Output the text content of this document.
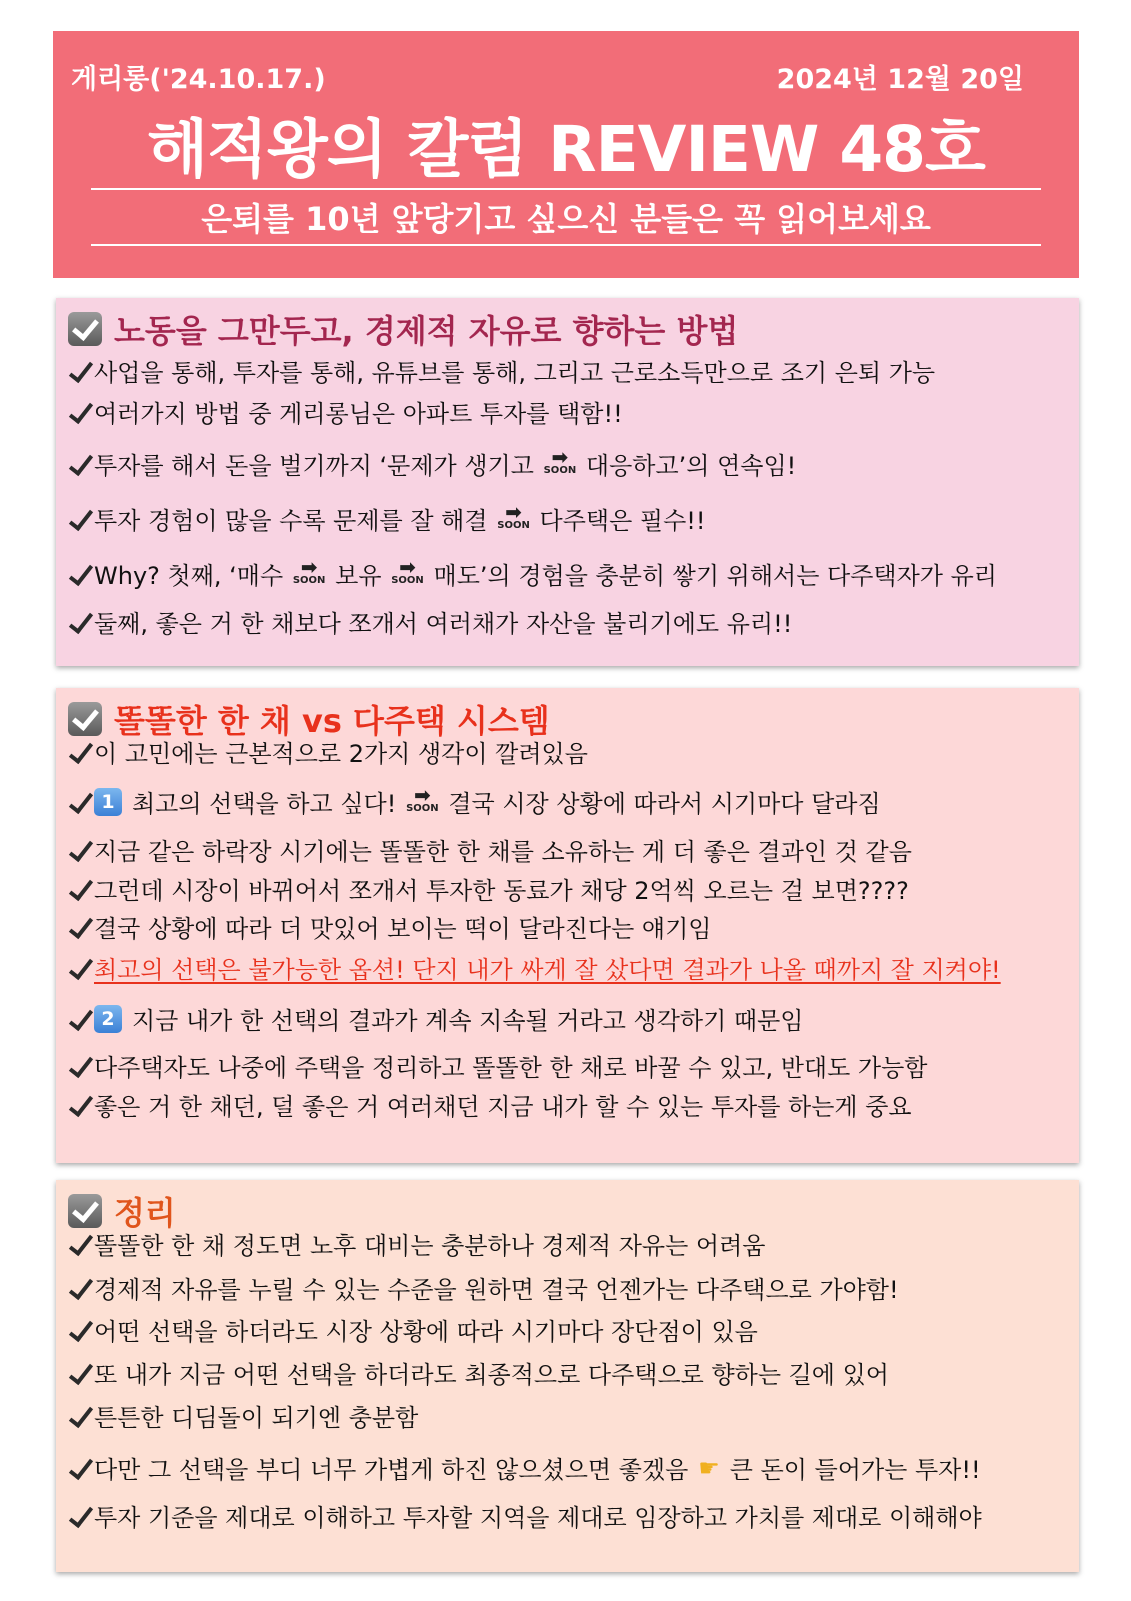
게리롱('24.10.17.)	2024년 12월 20일
해적왕의 칼럼 REVIEW 48호
은퇴를 10년 앞당기고 싶으신 분들은 꼭 읽어보세요
노동을 그만두고, 경제적 자유로 향하는 방법
사업을 통해, 투자를 통해, 유튜브를 통해, 그리고 근로소득만으로 조기 은퇴 가능
여러가지 방법 중 게리롱님은 아파트 투자를 택함!!
투자를 해서 돈을 벌기까지 ‘문제가 생기고 ➡
SOON 대응하고’의 연속임!
투자 경험이 많을 수록 문제를 잘 해결 ➡
SOON 다주택은 필수!!
Why? 첫째, ‘매수 ➡
SOON 보유 ➡
SOON 매도’의 경험을 충분히 쌓기 위해서는 다주택자가 유리
둘째, 좋은 거 한 채보다 쪼개서 여러채가 자산을 불리기에도 유리!!
똘똘한 한 채 vs 다주택 시스템
이 고민에는 근본적으로 2가지 생각이 깔려있음
1 최고의 선택을 하고 싶다! ➡
SOON 결국 시장 상황에 따라서 시기마다 달라짐
지금 같은 하락장 시기에는 똘똘한 한 채를 소유하는 게 더 좋은 결과인 것 같음
그런데 시장이 바뀌어서 쪼개서 투자한 동료가 채당 2억씩 오르는 걸 보면????
결국 상황에 따라 더 맛있어 보이는 떡이 달라진다는 얘기임
최고의 선택은 불가능한 옵션! 단지 내가 싸게 잘 샀다면 결과가 나올 때까지 잘 지켜야!
2 지금 내가 한 선택의 결과가 계속 지속될 거라고 생각하기 때문임
다주택자도 나중에 주택을 정리하고 똘똘한 한 채로 바꿀 수 있고, 반대도 가능함
좋은 거 한 채던, 덜 좋은 거 여러채던 지금 내가 할 수 있는 투자를 하는게 중요
정리
똘똘한 한 채 정도면 노후 대비는 충분하나 경제적 자유는 어려움
경제적 자유를 누릴 수 있는 수준을 원하면 결국 언젠가는 다주택으로 가야함!
어떤 선택을 하더라도 시장 상황에 따라 시기마다 장단점이 있음
또 내가 지금 어떤 선택을 하더라도 최종적으로 다주택으로 향하는 길에 있어
튼튼한 디딤돌이 되기엔 충분함
다만 그 선택을 부디 너무 가볍게 하진 않으셨으면 좋겠음 ☛ 큰 돈이 들어가는 투자!!
투자 기준을 제대로 이해하고 투자할 지역을 제대로 임장하고 가치를 제대로 이해해야
